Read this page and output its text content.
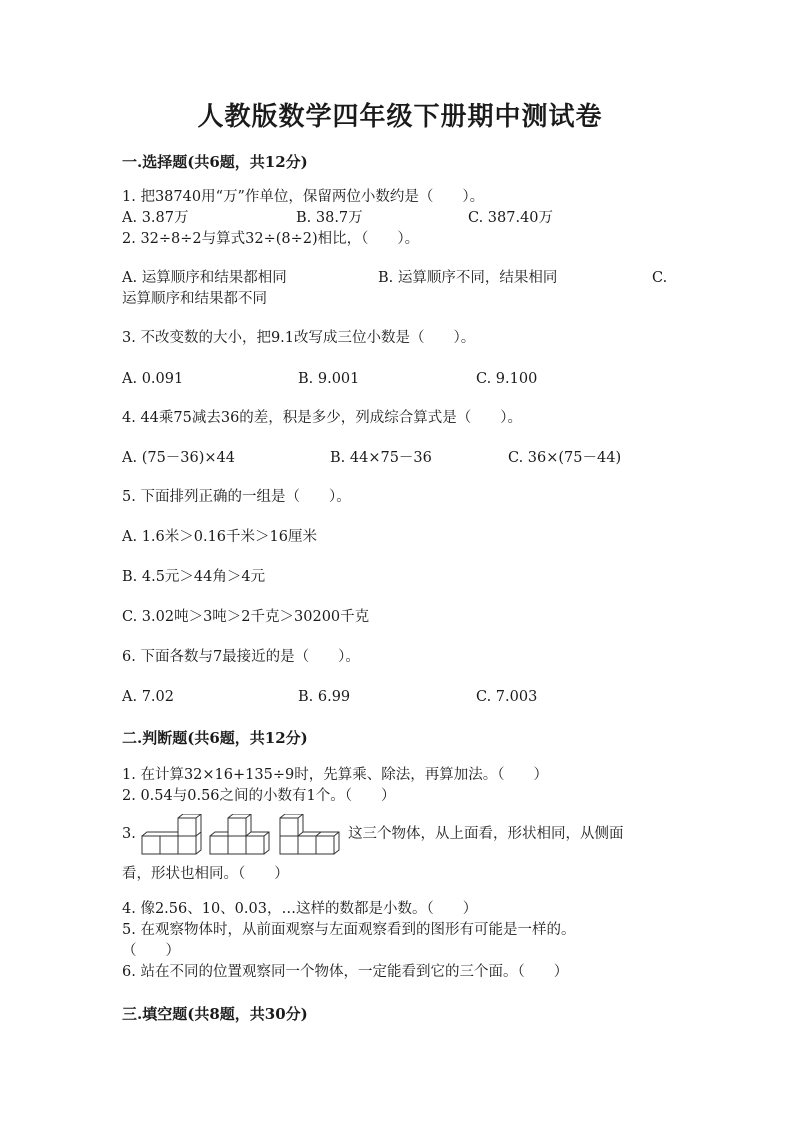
人教版数学四年级下册期中测试卷
一.选择题(共6题，共12分)
1. 把38740用“万”作单位，保留两位小数约是（　　）。
A. 3.87万	B. 38.7万	C. 387.40万
2. 32÷8÷2与算式32÷(8÷2)相比，（　　）。
A. 运算顺序和结果都相同	B. 运算顺序不同，结果相同	C.
运算顺序和结果都不同
3. 不改变数的大小，把9.1改写成三位小数是（　　）。
A. 0.091	B. 9.001	C. 9.100
4. 44乘75减去36的差，积是多少，列成综合算式是（　　）。
A. (75－36)×44	B. 44×75－36	C. 36×(75－44)
5. 下面排列正确的一组是（　　）。
A. 1.6米＞0.16千米＞16厘米
B. 4.5元＞44角＞4元
C. 3.02吨＞3吨＞2千克＞30200千克
6. 下面各数与7最接近的是（　　）。
A. 7.02	B. 6.99	C. 7.003
二.判断题(共6题，共12分)
1. 在计算32×16+135÷9时，先算乘、除法，再算加法。（　　）
2. 0.54与0.56之间的小数有1个。（　　）
3.	这三个物体，从上面看，形状相同，从侧面
看，形状也相同。（　　）
4. 像2.56、10、0.03，…这样的数都是小数。（　　）
5. 在观察物体时，从前面观察与左面观察看到的图形有可能是一样的。
（　　）
6. 站在不同的位置观察同一个物体，一定能看到它的三个面。（　　）
三.填空题(共8题，共30分)
